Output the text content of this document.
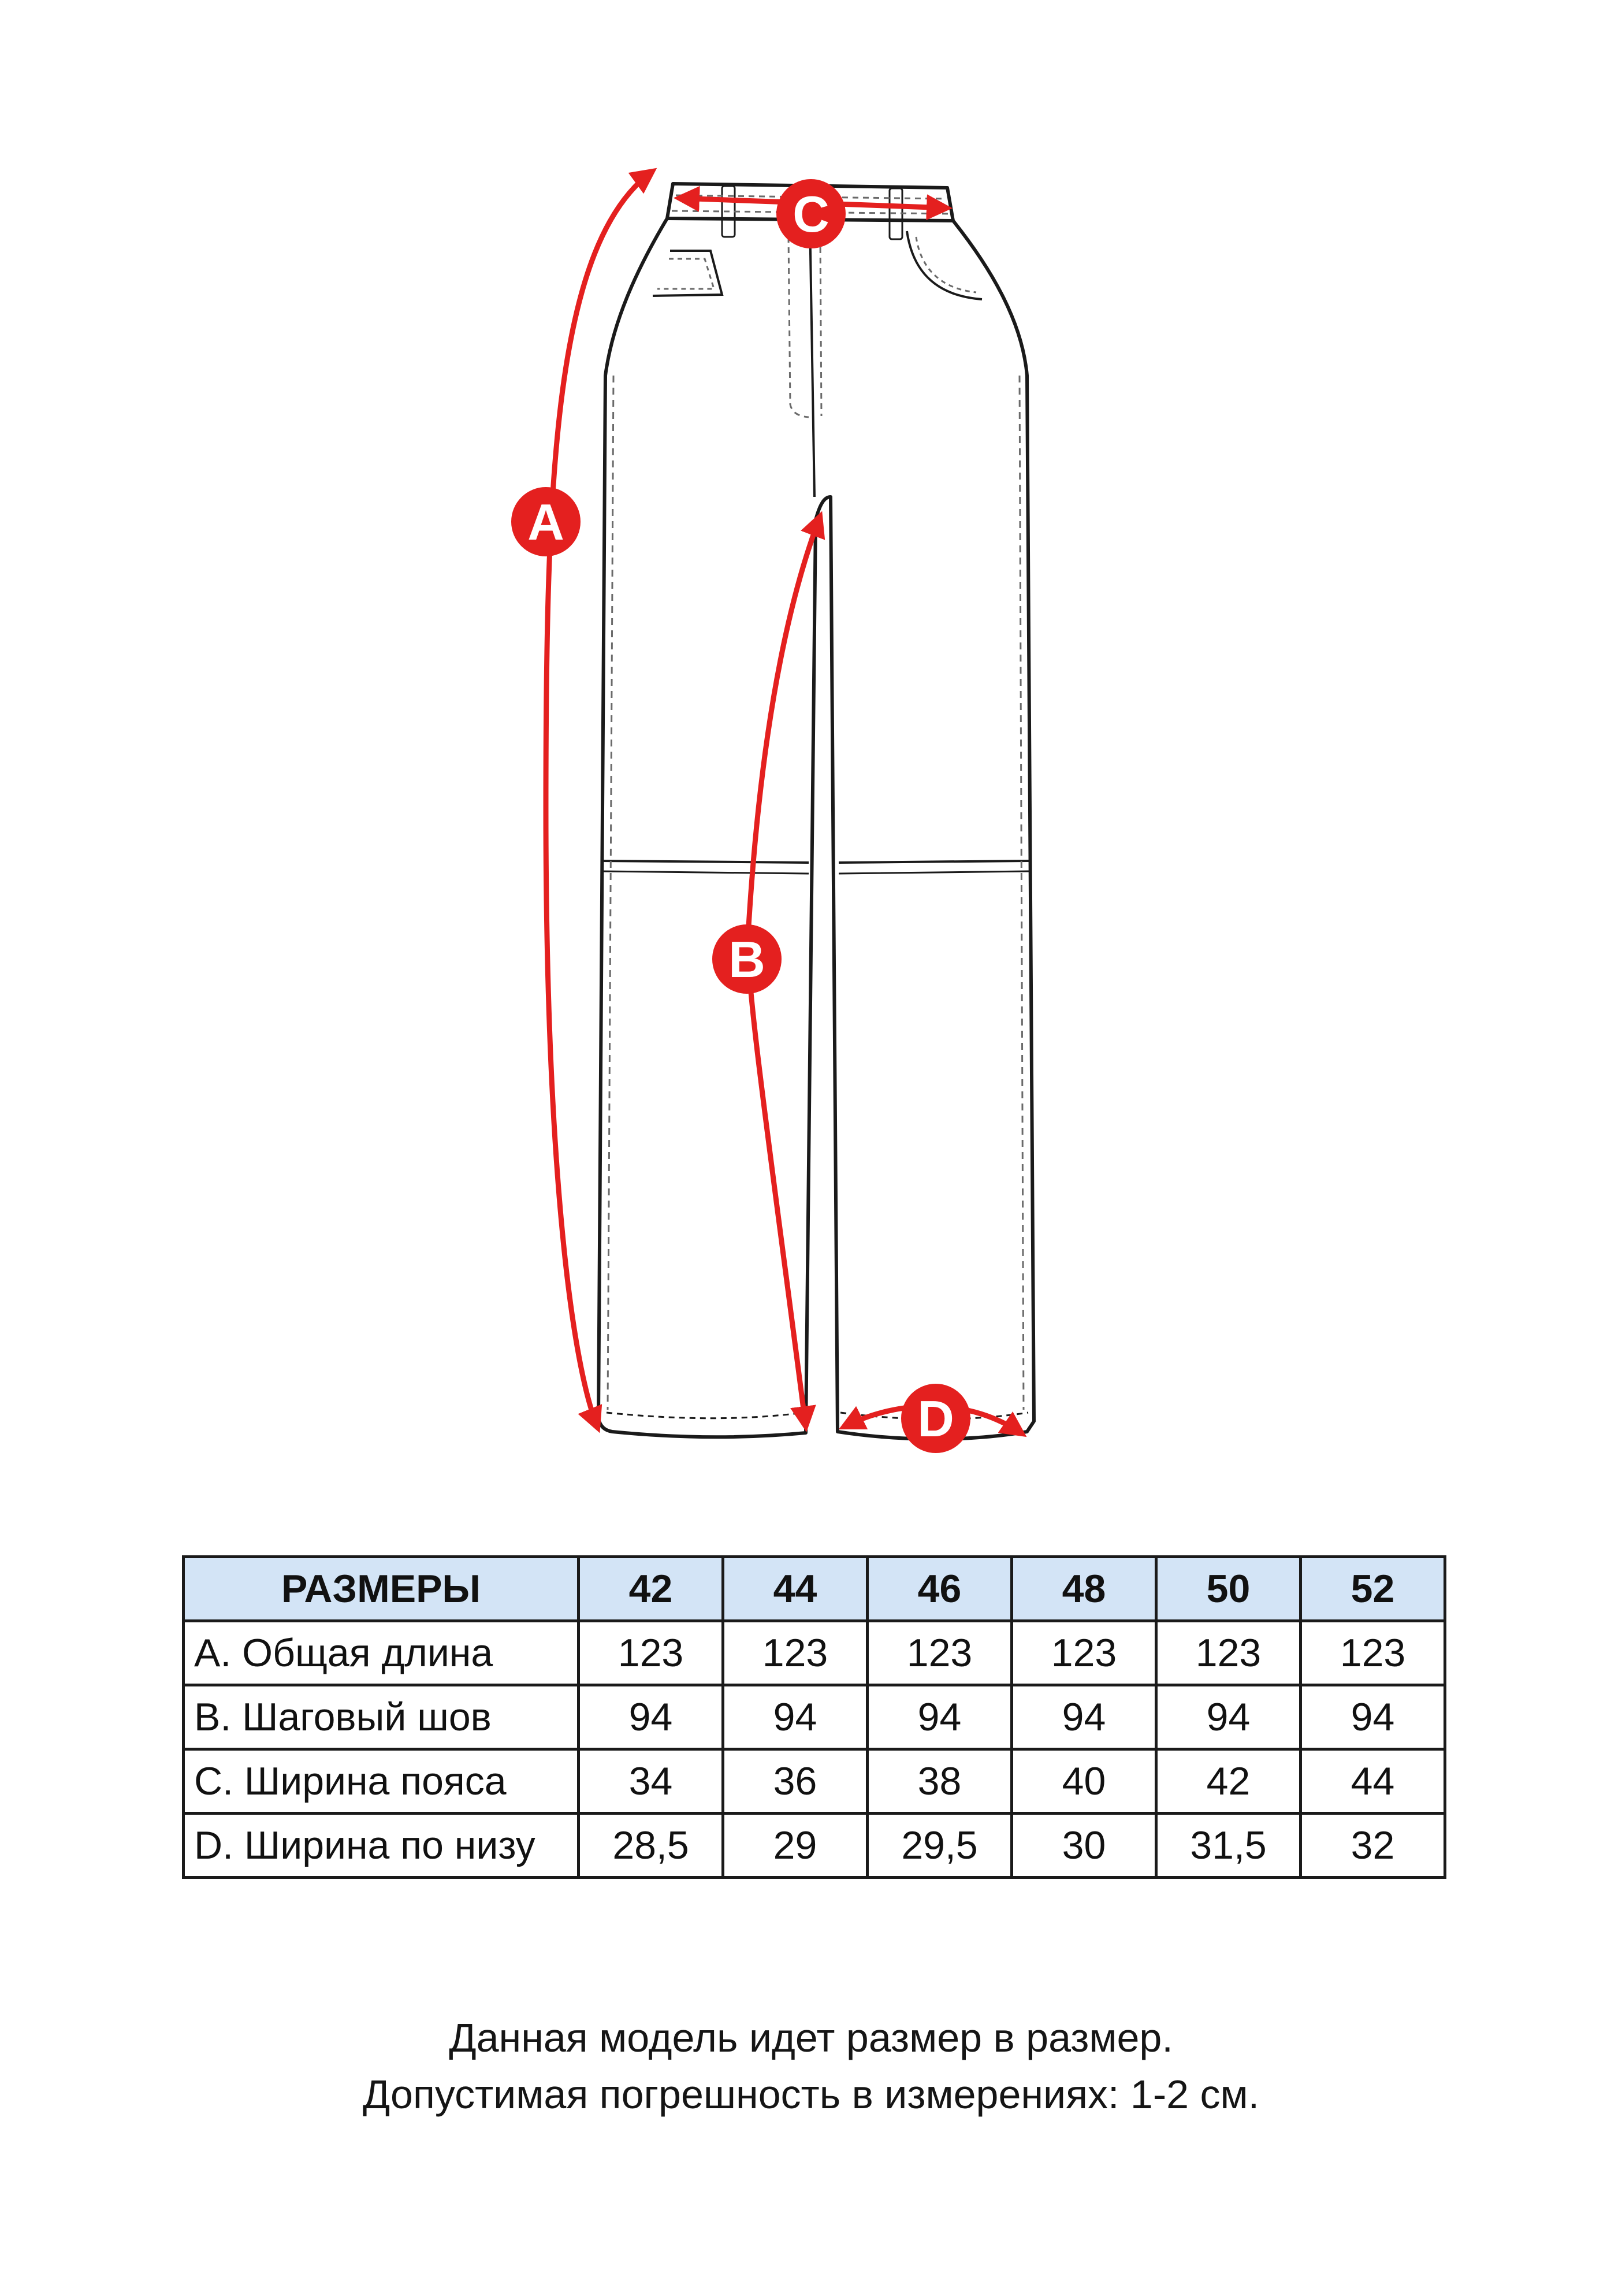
A
B
C
D
РАЗМЕРЫ	42	44	46	48	50	52
A. Общая длина	123	123	123	123	123	123
B. Шаговый шов	94	94	94	94	94	94
C. Ширина пояса	34	36	38	40	42	44
D. Ширина по низу	28,5	29	29,5	30	31,5	32
Данная модель идет размер в размер.
Допустимая погрешность в измерениях: 1-2 см.
